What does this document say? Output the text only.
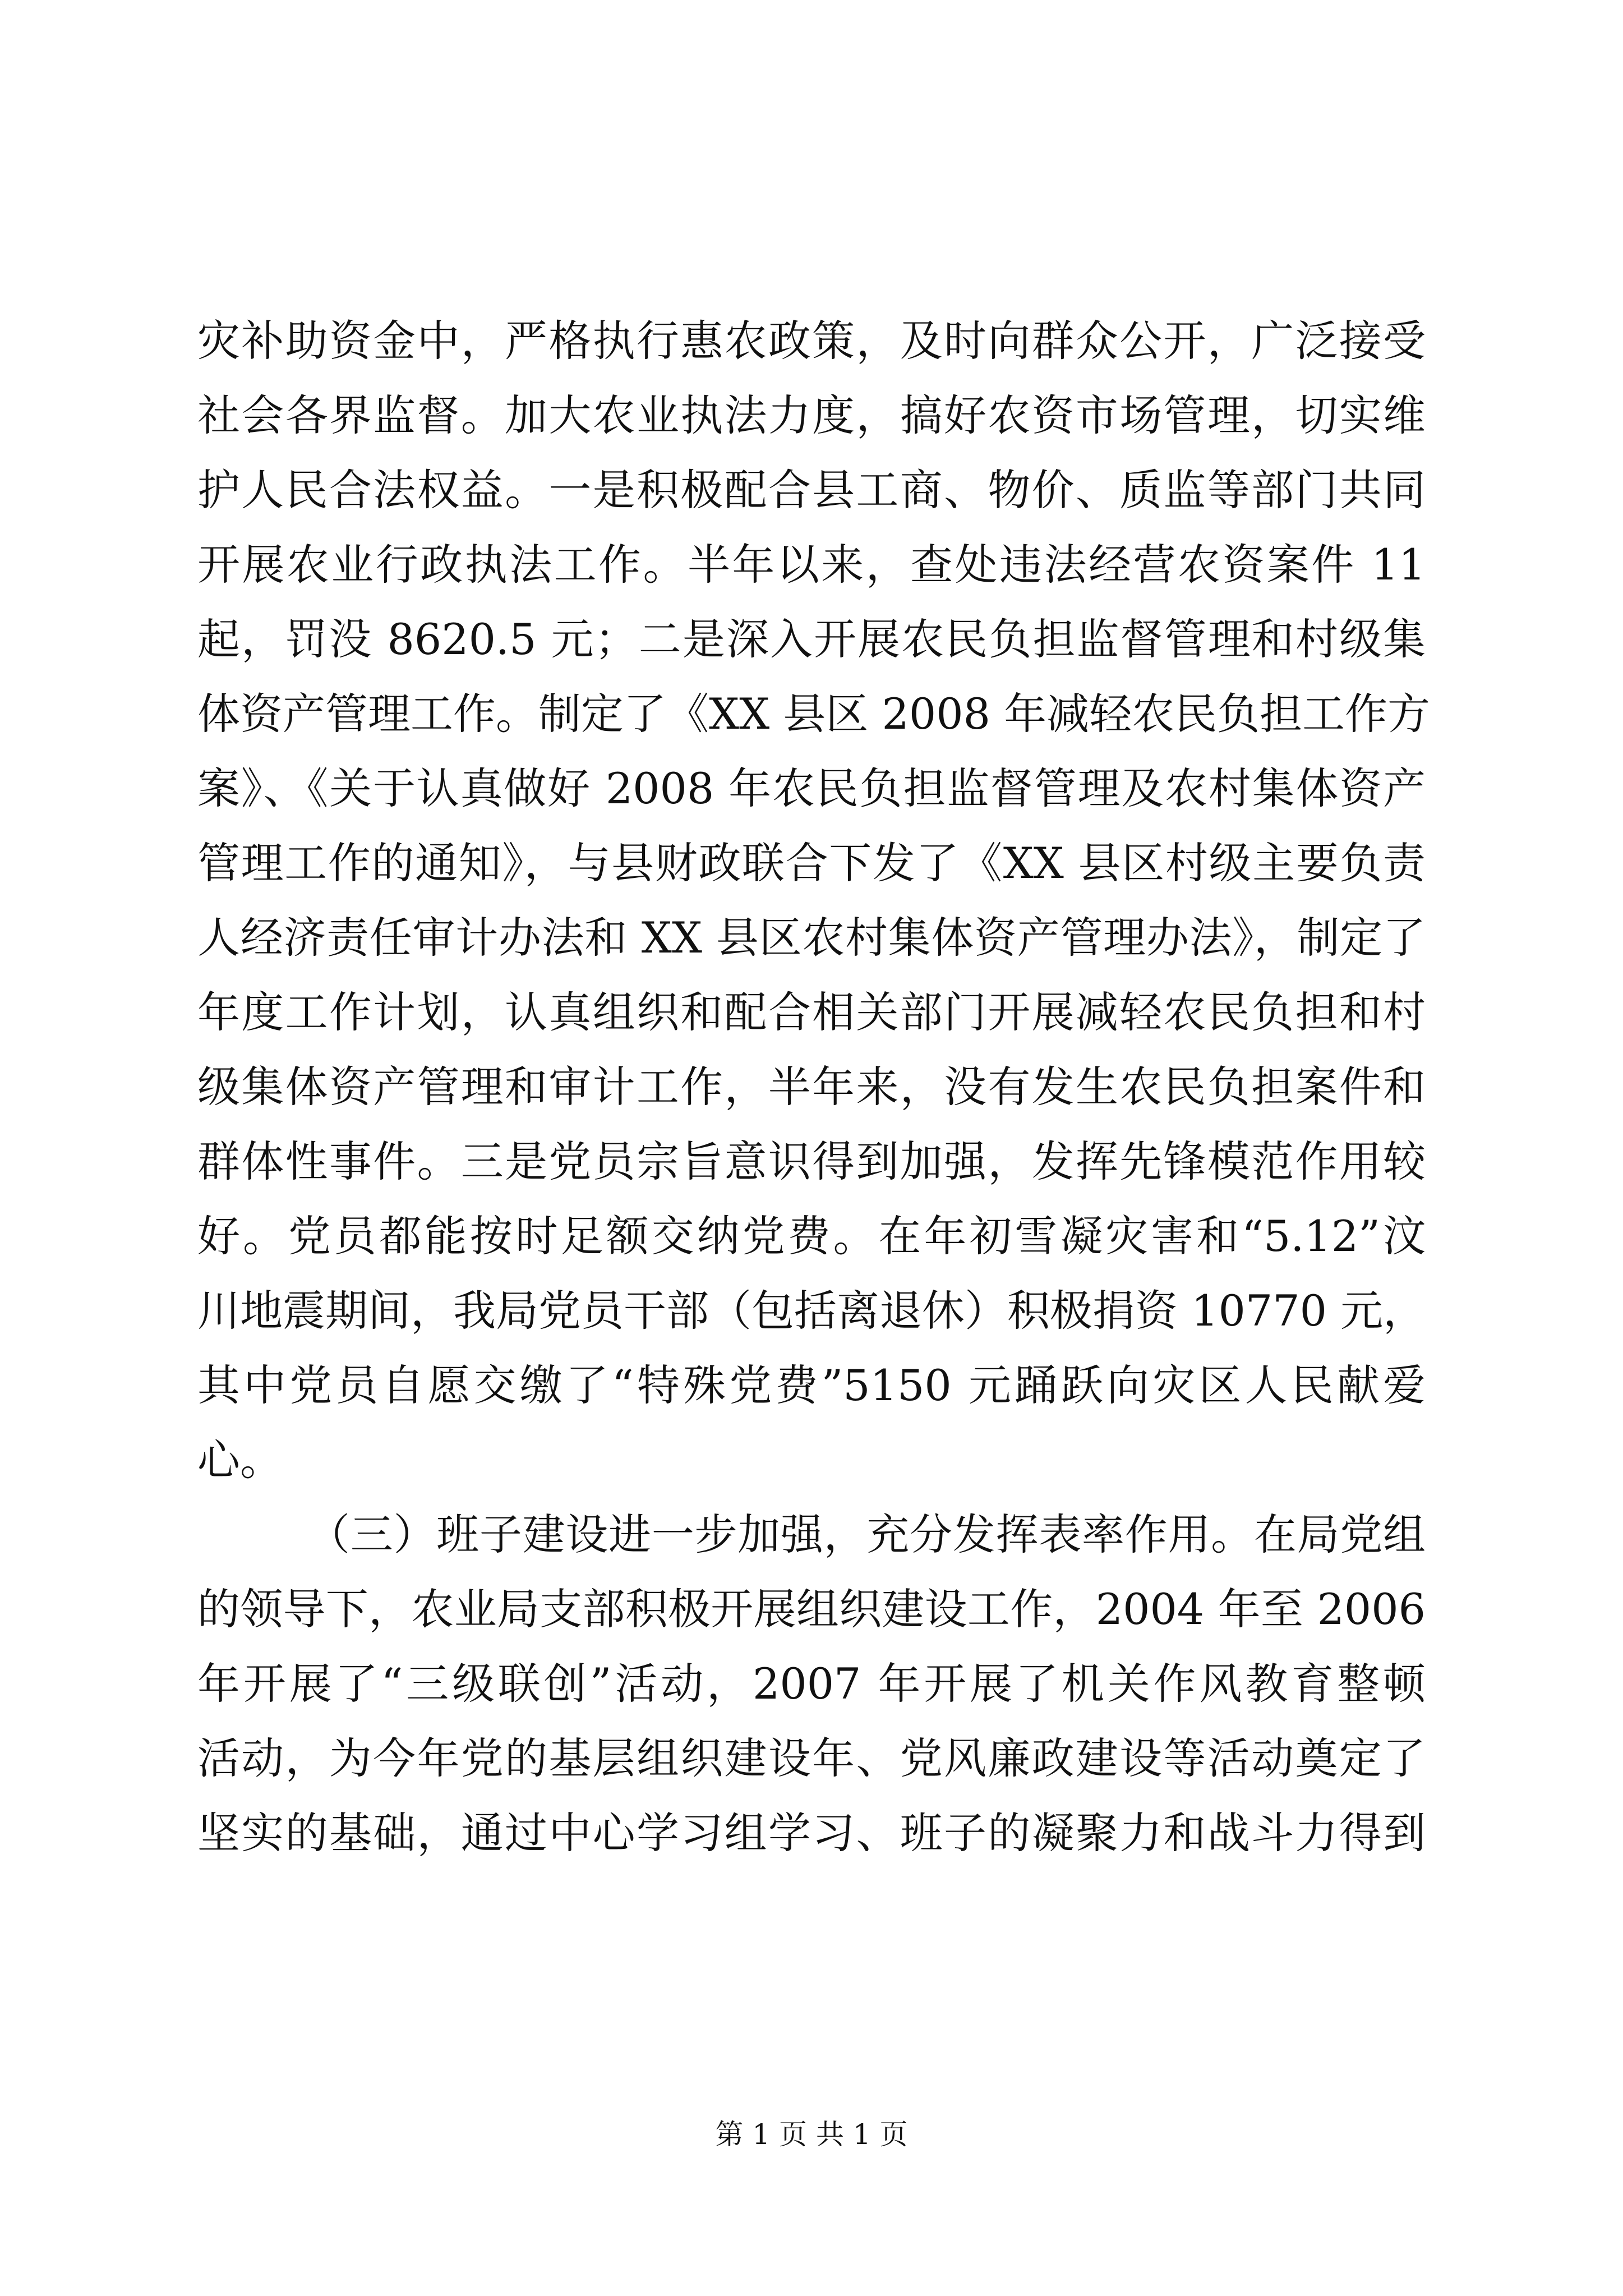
灾补助资金中，严格执行惠农政策，及时向群众公开，广泛接受
社会各界监督。加大农业执法力度，搞好农资市场管理，切实维
护人民合法权益。一是积极配合县工商、物价、质监等部门共同
开展农业行政执法工作。半年以来，查处违法经营农资案件 11
起，罚没 8620.5 元；二是深入开展农民负担监督管理和村级集
体资产管理工作。制定了《XX 县区 2008 年减轻农民负担工作方
案》、《关于认真做好 2008 年农民负担监督管理及农村集体资产
管理工作的通知》，与县财政联合下发了《XX 县区村级主要负责
人经济责任审计办法和 XX 县区农村集体资产管理办法》，制定了
年度工作计划，认真组织和配合相关部门开展减轻农民负担和村
级集体资产管理和审计工作，半年来，没有发生农民负担案件和
群体性事件。三是党员宗旨意识得到加强，发挥先锋模范作用较
好。党员都能按时足额交纳党费。在年初雪凝灾害和“5.12”汶
川地震期间，我局党员干部（包括离退休）积极捐资 10770 元，
其中党员自愿交缴了“特殊党费”5150 元踊跃向灾区人民献爱
心。
（三）班子建设进一步加强，充分发挥表率作用。在局党组
的领导下，农业局支部积极开展组织建设工作，2004 年至 2006
年开展了“三级联创”活动，2007 年开展了机关作风教育整顿
活动，为今年党的基层组织建设年、党风廉政建设等活动奠定了
坚实的基础，通过中心学习组学习、班子的凝聚力和战斗力得到
第 1 页 共 1 页
